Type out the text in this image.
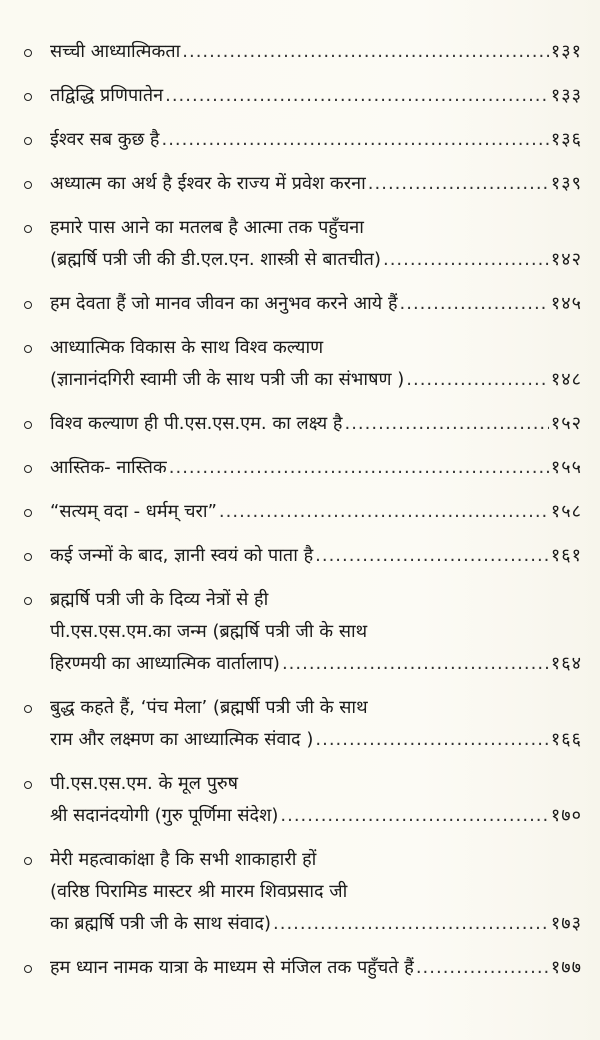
सच्ची आध्यात्मिकता .....	१३१
तद्विद्धि प्रणिपातेन .....	१३३
ईश्वर सब कुछ है .....	१३६
अध्यात्म का अर्थ है ईश्वर के राज्य में प्रवेश करना .....	१३९
हमारे पास आने का मतलब है आत्मा तक पहुँचना
(ब्रह्मर्षि पत्री जी की डी.एल.एन. शास्त्री से बातचीत) .....	१४२
हम देवता हैं जो मानव जीवन का अनुभव करने आये हैं .....	१४५
आध्यात्मिक विकास के साथ विश्व कल्याण
(ज्ञानानंदगिरी स्वामी जी के साथ पत्री जी का संभाषण ) .....	१४८
विश्व कल्याण ही पी.एस.एस.एम. का लक्ष्य है .....	१५२
आस्तिक- नास्तिक .....	१५५
“सत्यम् वदा - धर्मम् चरा” .....	१५८
कई जन्मों के बाद, ज्ञानी स्वयं को पाता है .....	१६१
ब्रह्मर्षि पत्री जी के दिव्य नेत्रों से ही
पी.एस.एस.एम.का जन्म (ब्रह्मर्षि पत्री जी के साथ
हिरण्मयी का आध्यात्मिक वार्तालाप) .....	१६४
बुद्ध कहते हैं, ‘पंच मेला’ (ब्रह्मर्षी पत्री जी के साथ
राम और लक्ष्मण का आध्यात्मिक संवाद ) .....	१६६
पी.एस.एस.एम. के मूल पुरुष
श्री सदानंदयोगी (गुरु पूर्णिमा संदेश) .....	१७०
मेरी महत्वाकांक्षा है कि सभी शाकाहारी हों
(वरिष्ठ पिरामिड मास्टर श्री मारम शिवप्रसाद जी
का ब्रह्मर्षि पत्री जी के साथ संवाद) .....	१७३
हम ध्यान नामक यात्रा के माध्यम से मंजिल तक पहुँचते हैं .....	१७७
